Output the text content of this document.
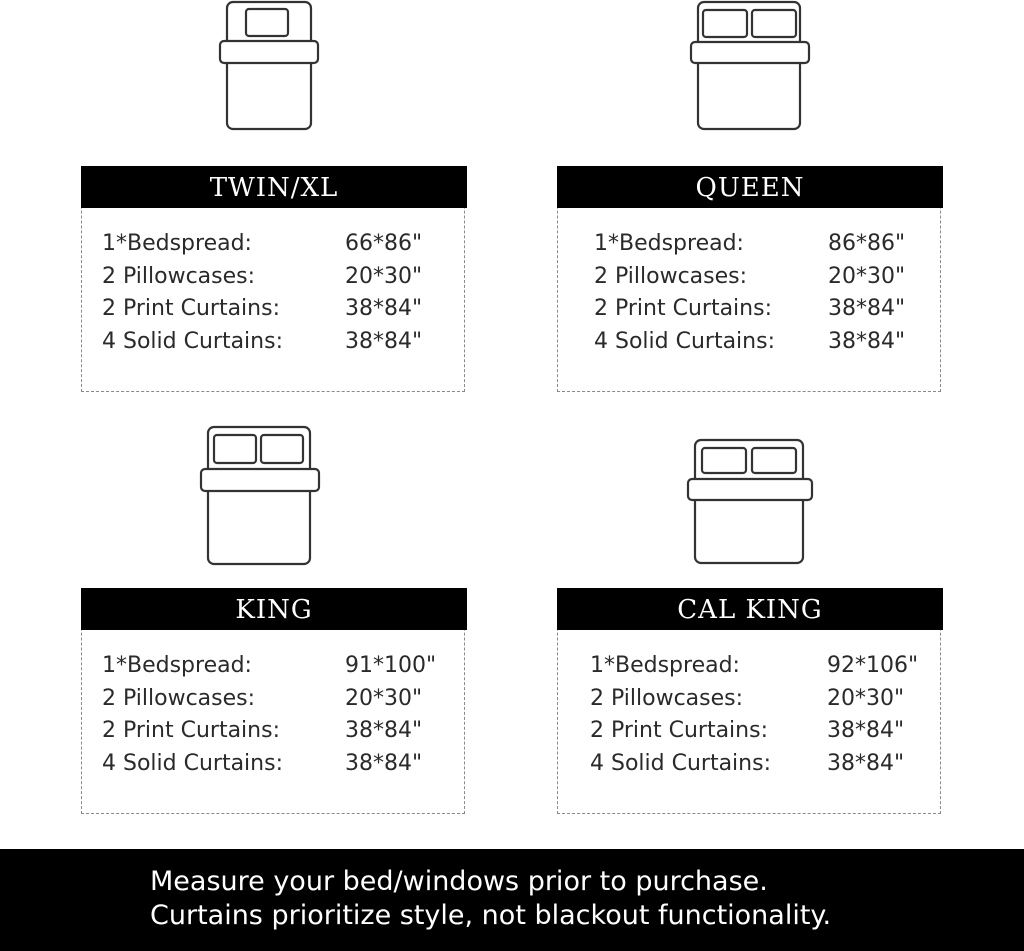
TWIN/XL
1*Bedspread:	66*86"
2 Pillowcases:	20*30"
2 Print Curtains:	38*84"
4 Solid Curtains:	38*84"
QUEEN
1*Bedspread:	86*86"
2 Pillowcases:	20*30"
2 Print Curtains:	38*84"
4 Solid Curtains: 38*84"
KING
1*Bedspread:	91*100"
2 Pillowcases:	20*30"
2 Print Curtains:	38*84"
4 Solid Curtains:	38*84"
CAL KING
1*Bedspread:	92*106"
2 Pillowcases:	20*30"
2 Print Curtains:	38*84"
4 Solid Curtains:	38*84"
Measure your bed/windows prior to purchase.
Curtains prioritize style, not blackout functionality.
